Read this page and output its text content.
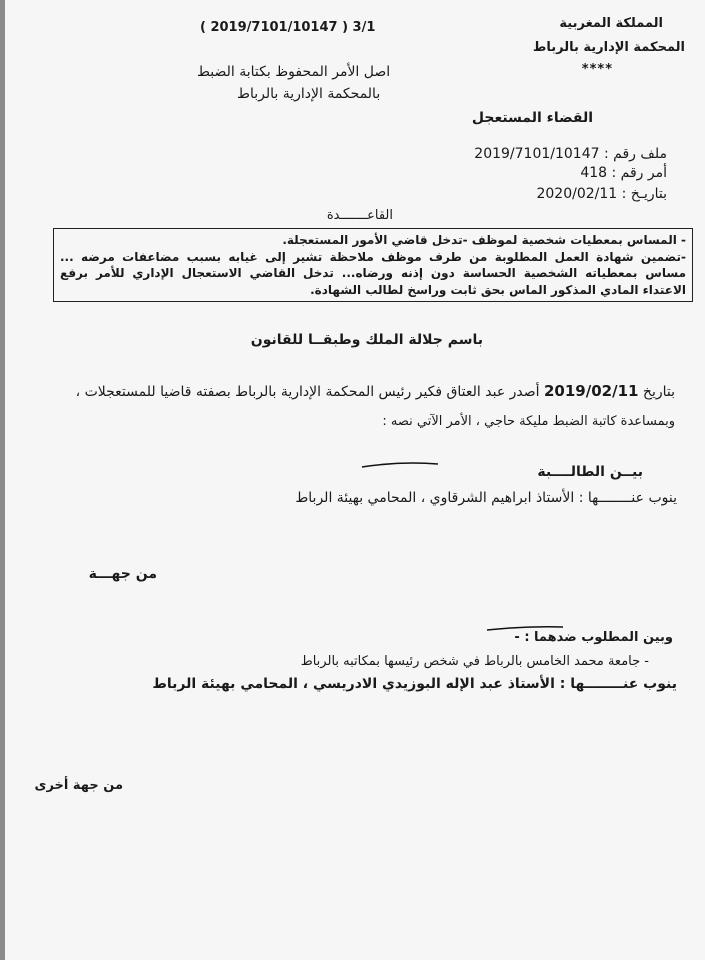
المملكة المغربية
المحكمة الإدارية بالرباط
****
( 2019/7101/10147 ) 3/1
اصل الأمر المحفوظ بكتابة الضبط
بالمحكمة الإدارية بالرباط
القضاء المستعجل
ملف رقم : 2019/7101/10147
أمر رقم : 418
بتاريـخ : 2020/02/11
القاعـــــــدة

- المساس بمعطيات شخصية لموظف -تدخل قاضي الأمور المستعجلة.

-تضمين شهادة العمل المطلوبة من طرف موظف ملاحظة تشير إلى غيابه بسبب مضاعفات مرضه ... مساس بمعطياته الشخصية الحساسة دون إذنه ورضاه... تدخل القاضي الاستعجال الإداري للأمر برفع الاعتداء المادي المذكور الماس بحق ثابت وراسخ لطالب الشهادة.

باسم جلالة الملك وطبقــا للقانون
بتاريخ 2019/02/11 أصدر عبد العتاق فكير رئيس المحكمة الإدارية بالرباط بصفته قاضيا للمستعجلات ،
وبمساعدة كاتبة الضبط مليكة حاجي ، الأمر الآتي نصه :
بيــن الطالــــبة
ينوب عنــــــــها : الأستاذ ابراهيم الشرقاوي ، المحامي بهيئة الرباط
من جهـــة
وبين المطلوب ضدهما : -
- جامعة محمد الخامس بالرباط في شخص رئيسها بمكاتبه بالرباط
ينوب عنــــــــها : الأستاذ عبد الإله البوزيدي الادريسي ، المحامي بهيئة الرباط
من جهة أخرى
